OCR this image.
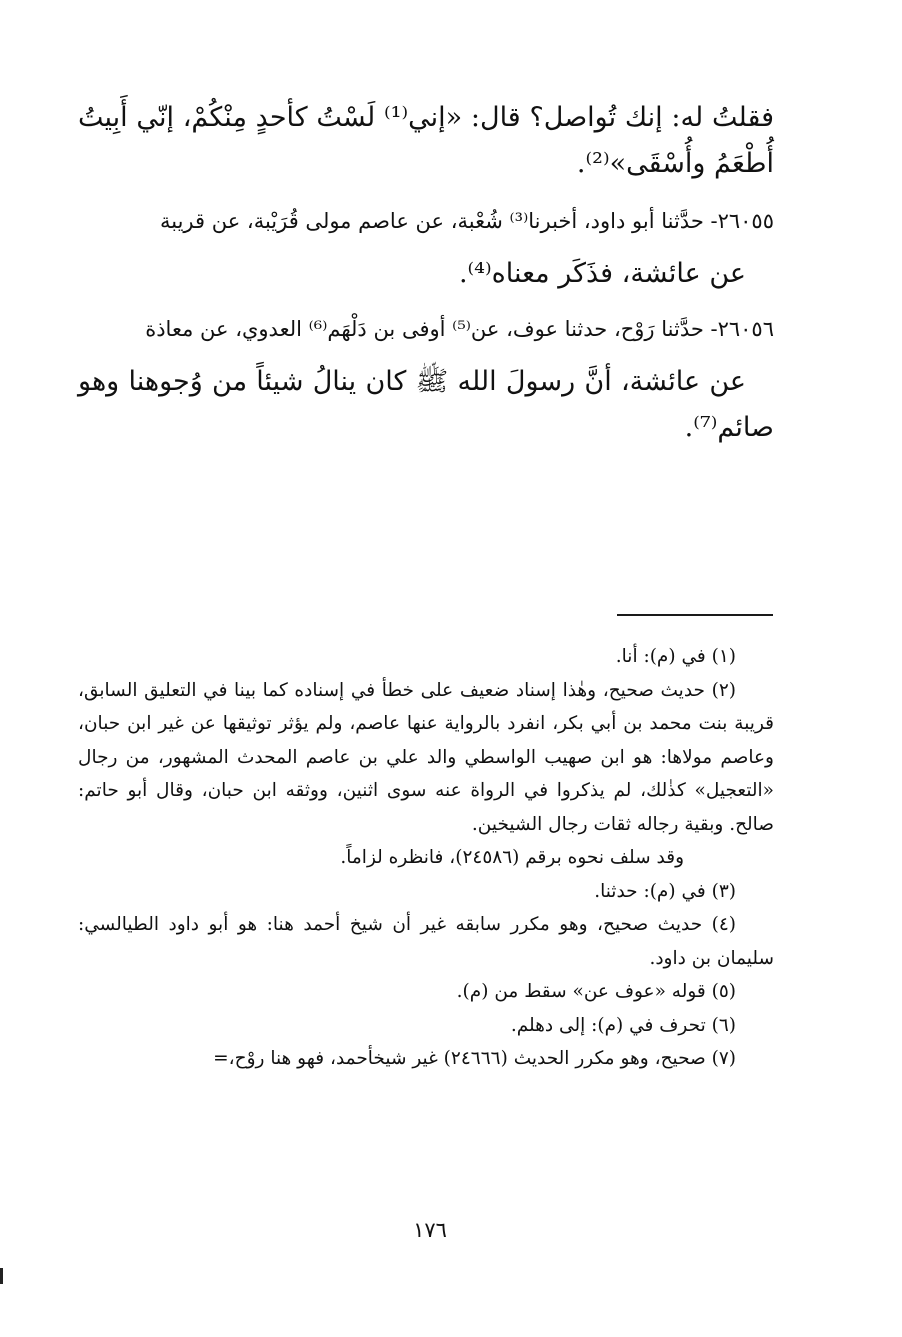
فقلتُ له: إنك تُواصل؟ قال: «إني⁽¹⁾ لَسْتُ كأحدٍ مِنْكُمْ، إنّي أَبِيتُ أُطْعَمُ وأُسْقَى»⁽²⁾.

٢٦٠٥٥- حدَّثنا أبو داود، أخبرنا⁽³⁾ شُعْبة، عن عاصم مولى قُرَيْبة، عن قريبة

عن عائشة، فذَكَر معناه⁽⁴⁾.

٢٦٠٥٦- حدَّثنا رَوْح، حدثنا عوف، عن⁽⁵⁾ أوفى بن دَلْهَم⁽⁶⁾ العدوي، عن معاذة

عن عائشة، أنَّ رسولَ الله ﷺ كان ينالُ شيئاً من وُجوهنا وهو صائم⁽⁷⁾.

(١) في (م): أنا.

(٢) حديث صحيح، وهٰذا إسناد ضعيف على خطأ في إسناده كما بينا في التعليق السابق، قريبة بنت محمد بن أبي بكر، انفرد بالرواية عنها عاصم، ولم يؤثر توثيقها عن غير ابن حبان، وعاصم مولاها: هو ابن صهيب الواسطي والد علي بن عاصم المحدث المشهور، من رجال «التعجيل» كذٰلك، لم يذكروا في الرواة عنه سوى اثنين، ووثقه ابن حبان، وقال أبو حاتم: صالح. وبقية رجاله ثقات رجال الشيخين.

وقد سلف نحوه برقم (٢٤٥٨٦)، فانظره لزاماً.

(٣) في (م): حدثنا.

(٤) حديث صحيح، وهو مكرر سابقه غير أن شيخ أحمد هنا: هو أبو داود الطيالسي: سليمان بن داود.

(٥) قوله «عوف عن» سقط من (م).

(٦) تحرف في (م): إلى دهلم.

(٧) صحيح، وهو مكرر الحديث (٢٤٦٦٦) غير شيخأحمد، فهو هنا روْح،=

١٧٦
